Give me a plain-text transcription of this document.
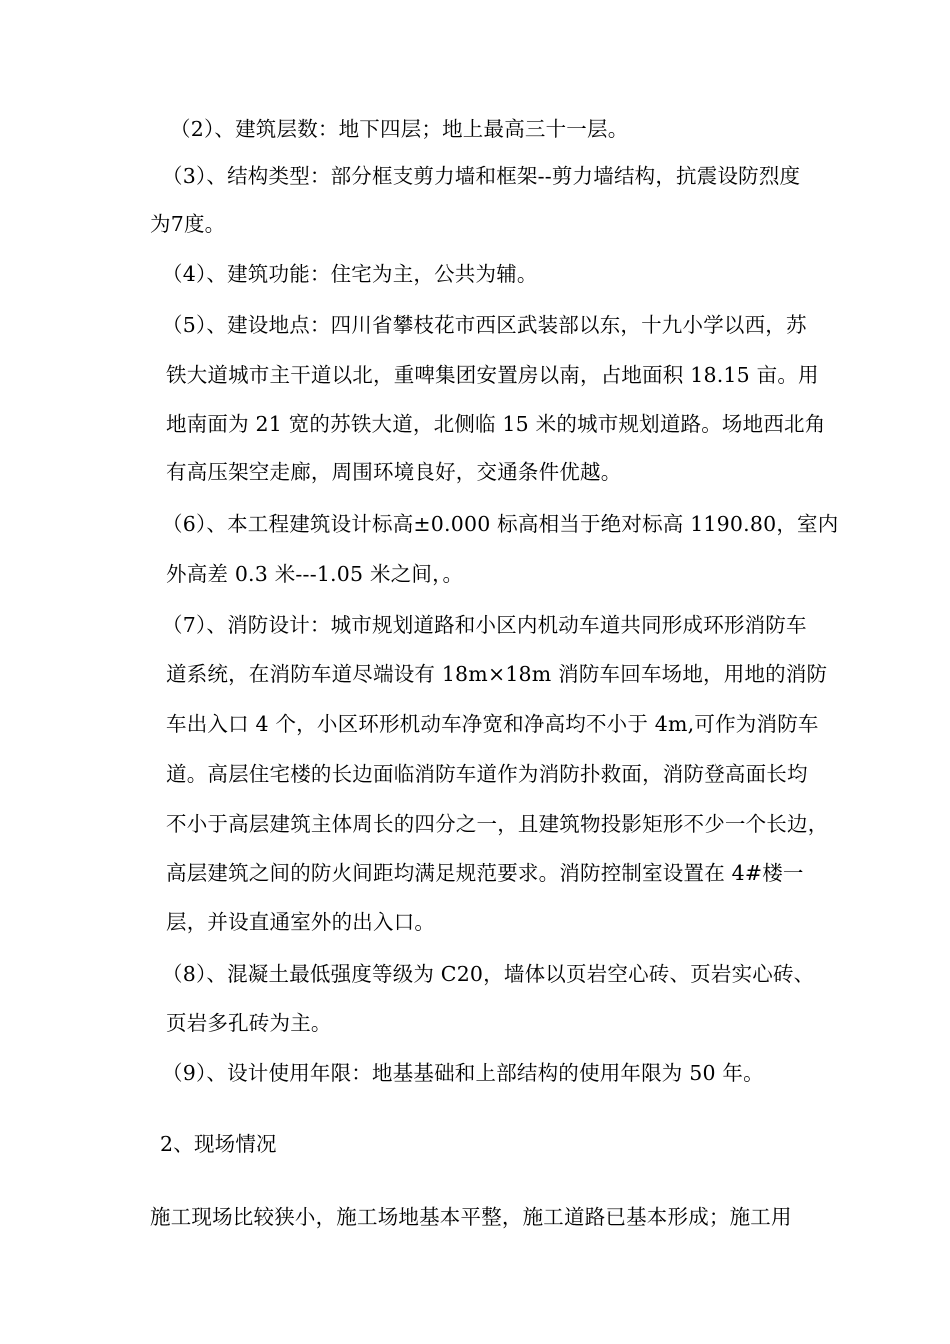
（2）、建筑层数：地下四层；地上最高三十一层。
（3）、结构类型：部分框支剪力墙和框架--剪力墙结构，抗震设防烈度
为7度。
（4）、建筑功能：住宅为主，公共为辅。
（5）、建设地点：四川省攀枝花市西区武装部以东，十九小学以西，苏
铁大道城市主干道以北，重啤集团安置房以南，占地面积 18.15 亩。用
地南面为 21 宽的苏铁大道，北侧临 15 米的城市规划道路。场地西北角
有高压架空走廊，周围环境良好，交通条件优越。
（6）、本工程建筑设计标高±0.000 标高相当于绝对标高 1190.80，室内
外高差 0.3 米---1.05 米之间，。
（7）、消防设计：城市规划道路和小区内机动车道共同形成环形消防车
道系统，在消防车道尽端设有 18m×18m 消防车回车场地，用地的消防
车出入口 4 个，小区环形机动车净宽和净高均不小于 4m,可作为消防车
道。高层住宅楼的长边面临消防车道作为消防扑救面，消防登高面长均
不小于高层建筑主体周长的四分之一，且建筑物投影矩形不少一个长边，
高层建筑之间的防火间距均满足规范要求。消防控制室设置在 4#楼一
层，并设直通室外的出入口。
（8）、混凝土最低强度等级为 C20，墙体以页岩空心砖、页岩实心砖、
页岩多孔砖为主。
（9）、设计使用年限：地基基础和上部结构的使用年限为 50 年。
2、现场情况
施工现场比较狭小，施工场地基本平整，施工道路已基本形成；施工用
